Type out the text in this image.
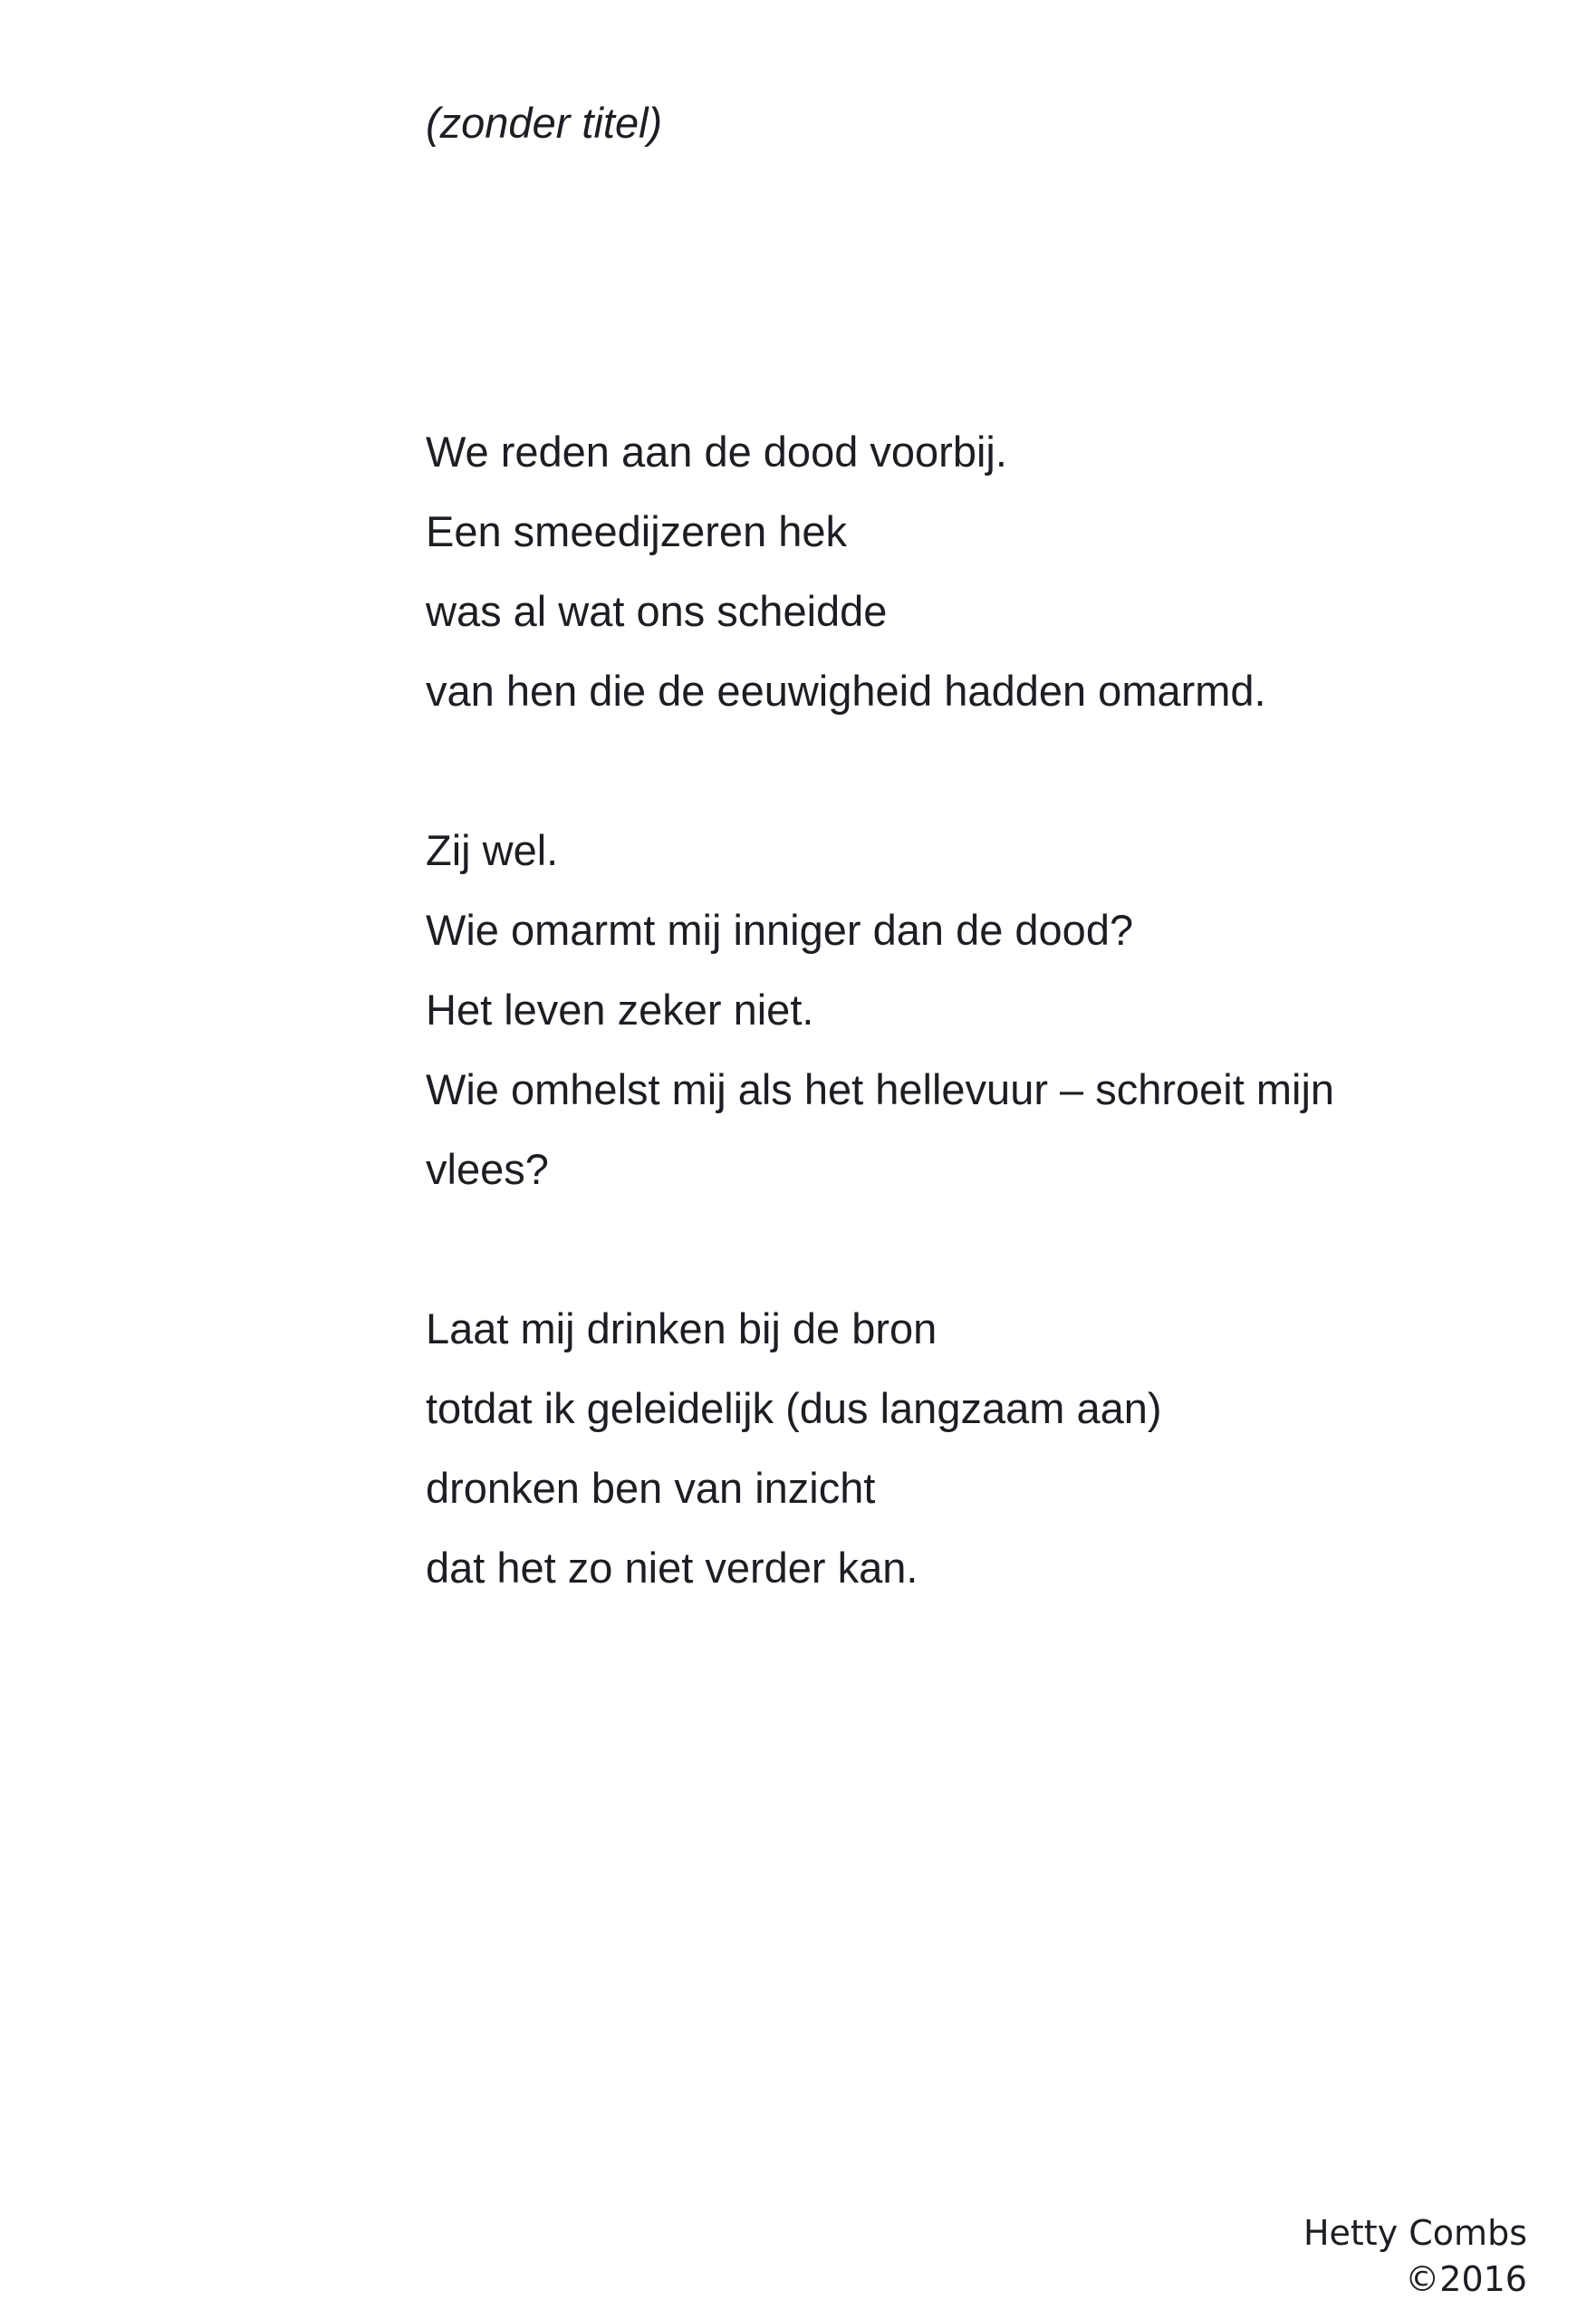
(zonder titel)
We reden aan de dood voorbij.
Een smeedijzeren hek
was al wat ons scheidde
van hen die de eeuwigheid hadden omarmd.
Zij wel.
Wie omarmt mij inniger dan de dood?
Het leven zeker niet.
Wie omhelst mij als het hellevuur – schroeit mijn
vlees?
Laat mij drinken bij de bron
totdat ik geleidelijk (dus langzaam aan)
dronken ben van inzicht
dat het zo niet verder kan.
Hetty Combs
©2016
